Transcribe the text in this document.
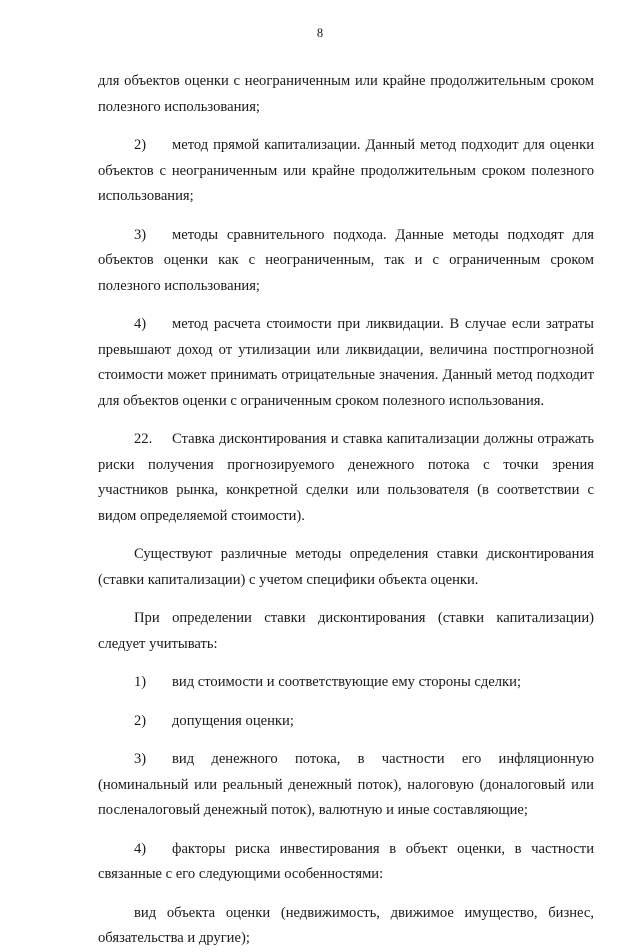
8

для объектов оценки с неограниченным или крайне продолжительным сроком полезного использования;

2) метод прямой капитализации. Данный метод подходит для оценки объектов с неограниченным или крайне продолжительным сроком полезного использования;

3) методы сравнительного подхода. Данные методы подходят для объектов оценки как с неограниченным, так и с ограниченным сроком полезного использования;

4) метод расчета стоимости при ликвидации. В случае если затраты превышают доход от утилизации или ликвидации, величина постпрогнозной стоимости может принимать отрицательные значения. Данный метод подходит для объектов оценки с ограниченным сроком полезного использования.

22. Ставка дисконтирования и ставка капитализации должны отражать риски получения прогнозируемого денежного потока с точки зрения участников рынка, конкретной сделки или пользователя (в соответствии с видом определяемой стоимости).

Существуют различные методы определения ставки дисконтирования (ставки капитализации) с учетом специфики объекта оценки.

При определении ставки дисконтирования (ставки капитализации) следует учитывать:

1) вид стоимости и соответствующие ему стороны сделки;

2) допущения оценки;

3) вид денежного потока, в частности его инфляционную (номинальный или реальный денежный поток), налоговую (доналоговый или посленалоговый денежный поток), валютную и иные составляющие;

4) факторы риска инвестирования в объект оценки, в частности связанные с его следующими особенностями:

вид объекта оценки (недвижимость, движимое имущество, бизнес, обязательства и другие);
